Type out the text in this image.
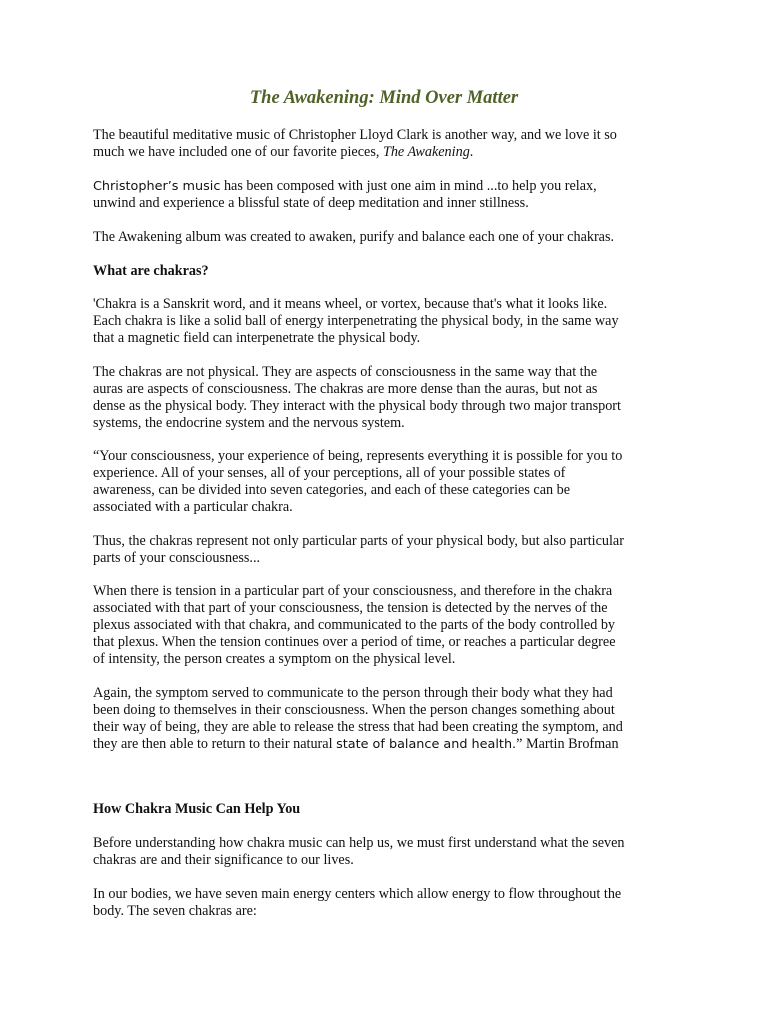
The Awakening: Mind Over Matter

The beautiful meditative music of Christopher Lloyd Clark is another way, and we love it so
much we have included one of our favorite pieces, The Awakening.

Christopher’s music has been composed with just one aim in mind ...to help you relax,
unwind and experience a blissful state of deep meditation and inner stillness.

The Awakening album was created to awaken, purify and balance each one of your chakras.

What are chakras?

'Chakra is a Sanskrit word, and it means wheel, or vortex, because that's what it looks like.
Each chakra is like a solid ball of energy interpenetrating the physical body, in the same way
that a magnetic field can interpenetrate the physical body.

The chakras are not physical. They are aspects of consciousness in the same way that the
auras are aspects of consciousness. The chakras are more dense than the auras, but not as
dense as the physical body. They interact with the physical body through two major transport
systems, the endocrine system and the nervous system.

“Your consciousness, your experience of being, represents everything it is possible for you to
experience. All of your senses, all of your perceptions, all of your possible states of
awareness, can be divided into seven categories, and each of these categories can be
associated with a particular chakra.

Thus, the chakras represent not only particular parts of your physical body, but also particular
parts of your consciousness...

When there is tension in a particular part of your consciousness, and therefore in the chakra
associated with that part of your consciousness, the tension is detected by the nerves of the
plexus associated with that chakra, and communicated to the parts of the body controlled by
that plexus. When the tension continues over a period of time, or reaches a particular degree
of intensity, the person creates a symptom on the physical level.

Again, the symptom served to communicate to the person through their body what they had
been doing to themselves in their consciousness. When the person changes something about
their way of being, they are able to release the stress that had been creating the symptom, and
they are then able to return to their natural state of balance and health.” Martin Brofman

How Chakra Music Can Help You

Before understanding how chakra music can help us, we must first understand what the seven
chakras are and their significance to our lives.

In our bodies, we have seven main energy centers which allow energy to flow throughout the
body. The seven chakras are:
